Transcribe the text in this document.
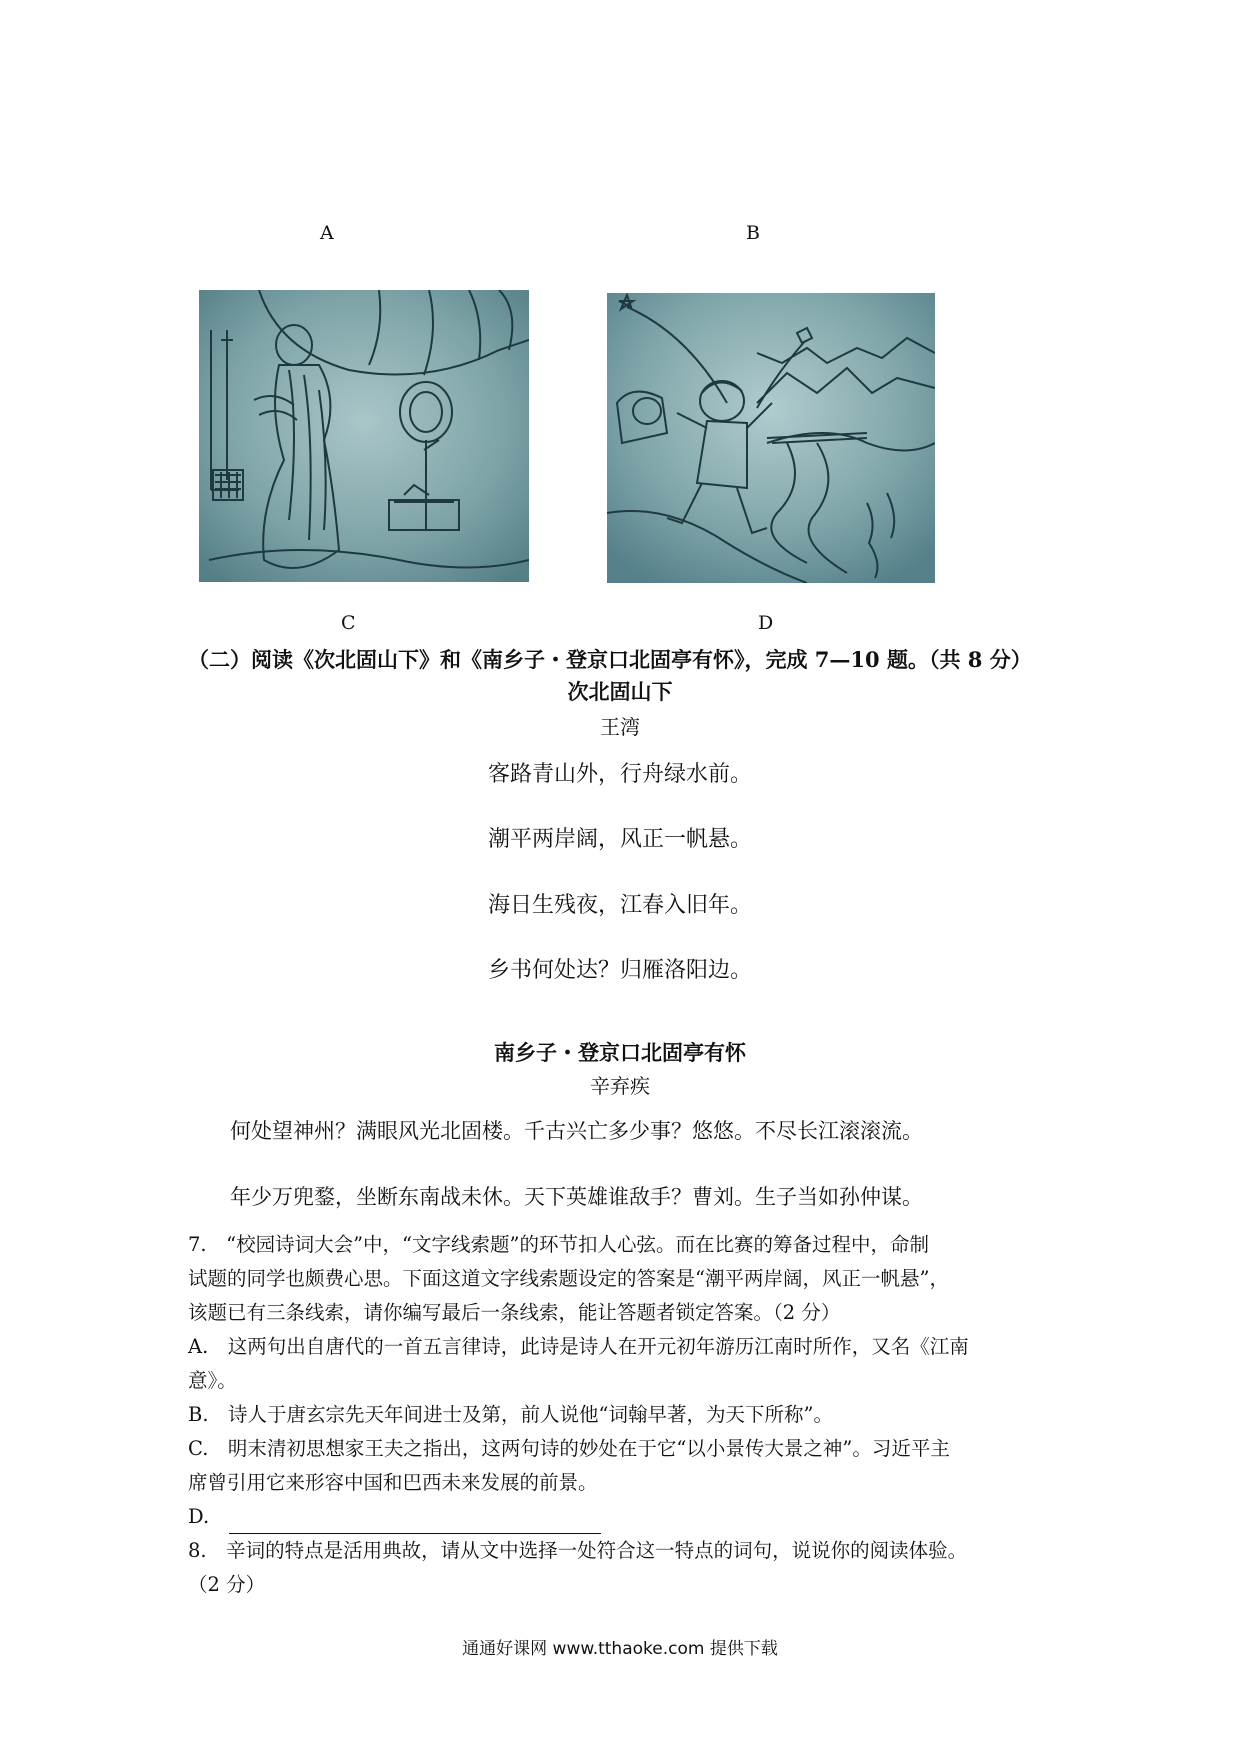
A	B
C	D
（二）阅读《次北固山下》和《南乡子・登京口北固亭有怀》，完成 7—10 题。（共 8 分）
次北固山下
王湾
客路青山外，行舟绿水前。
潮平两岸阔，风正一帆悬。
海日生残夜，江春入旧年。
乡书何处达？归雁洛阳边。
南乡子・登京口北固亭有怀
辛弃疾
何处望神州？满眼风光北固楼。千古兴亡多少事？悠悠。不尽长江滚滚流。
年少万兜鍪，坐断东南战未休。天下英雄谁敌手？曹刘。生子当如孙仲谋。
7.　“校园诗词大会”中，“文字线索题”的环节扣人心弦。而在比赛的筹备过程中，命制
试题的同学也颇费心思。下面这道文字线索题设定的答案是“潮平两岸阔，风正一帆悬”，
该题已有三条线索，请你编写最后一条线索，能让答题者锁定答案。（2 分）
A.　这两句出自唐代的一首五言律诗，此诗是诗人在开元初年游历江南时所作，又名《江南
意》。
B.　诗人于唐玄宗先天年间进士及第，前人说他“词翰早著，为天下所称”。
C.　明末清初思想家王夫之指出，这两句诗的妙处在于它“以小景传大景之神”。习近平主
席曾引用它来形容中国和巴西未来发展的前景。
D.
8.　辛词的特点是活用典故，请从文中选择一处符合这一特点的词句，说说你的阅读体验。
（2 分）
通通好课网 www.tthaoke.com 提供下载
